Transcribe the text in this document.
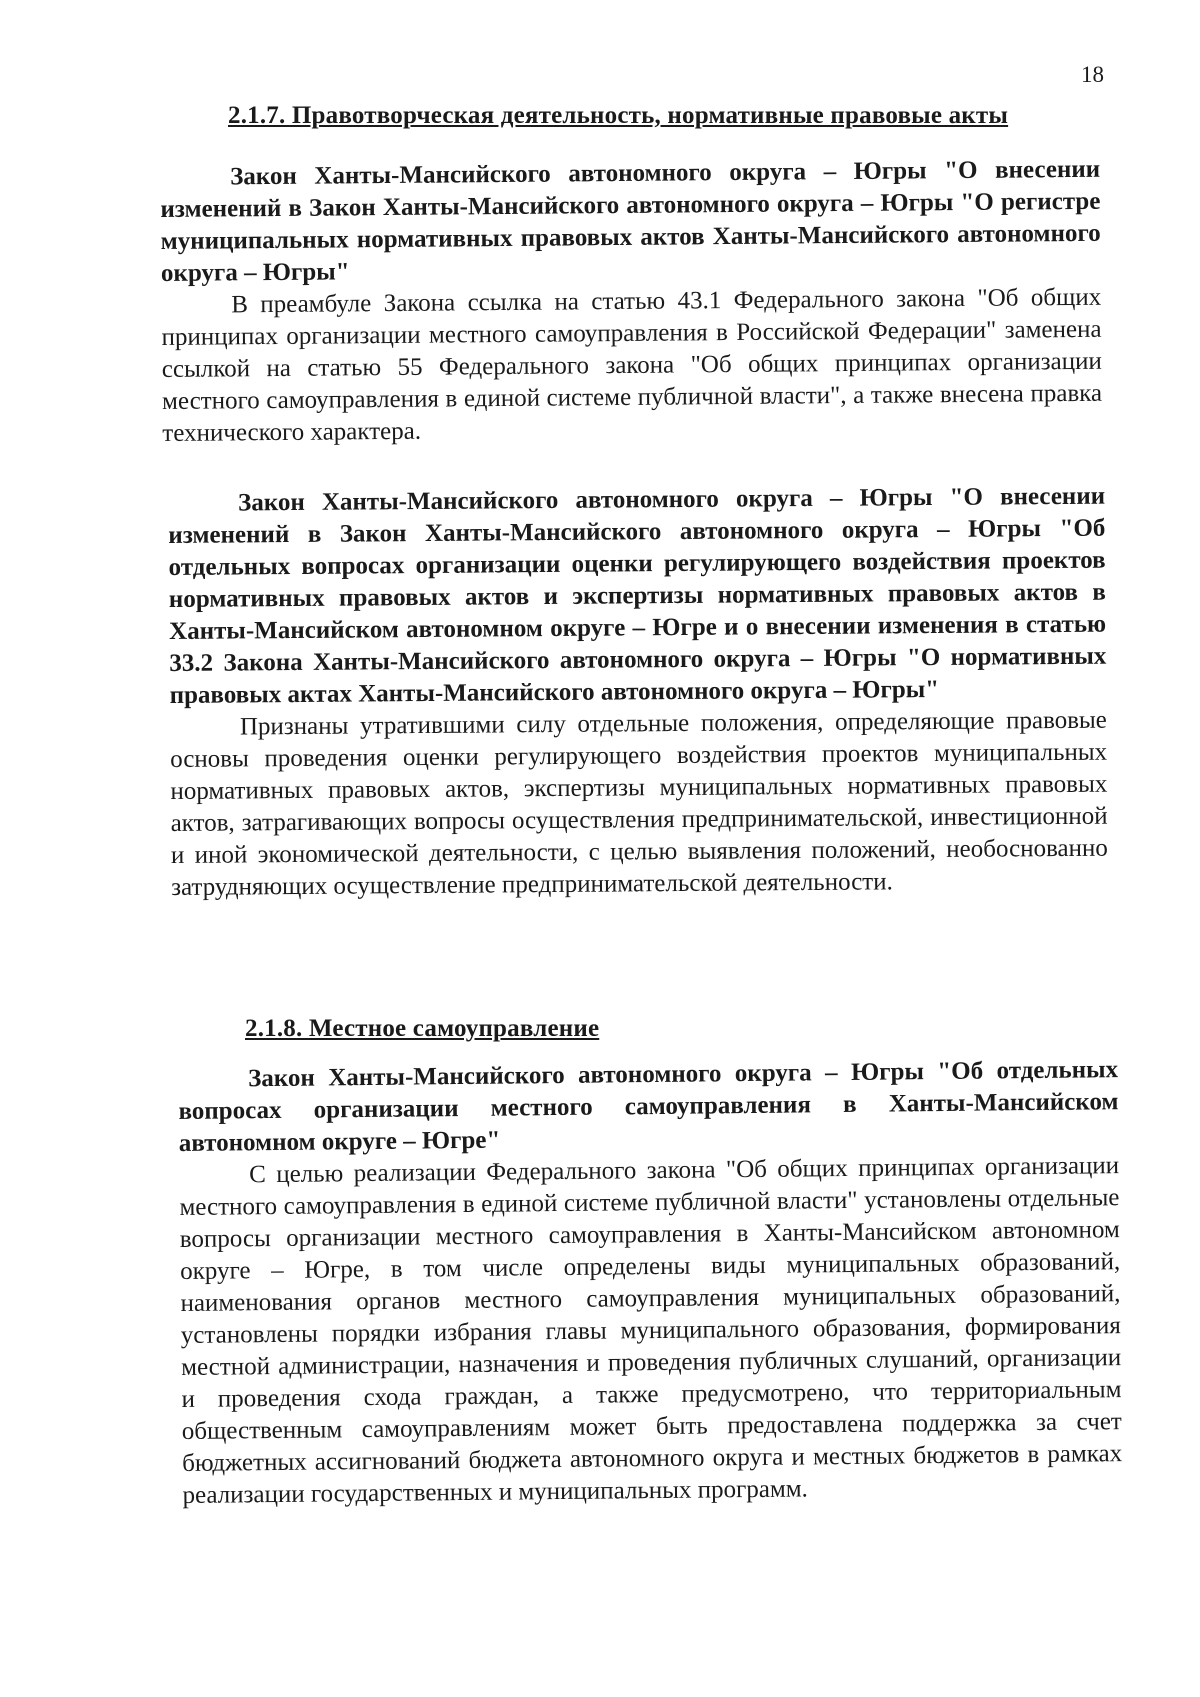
18
2.1.7. Правотворческая деятельность, нормативные правовые акты

Закон Ханты-Мансийского автономного округа – Югры "О внесении изменений в Закон Ханты-Мансийского автономного округа – Югры "О регистре муниципальных нормативных правовых актов Ханты-Мансийского автономного округа – Югры"

В преамбуле Закона ссылка на статью 43.1 Федерального закона "Об общих принципах организации местного самоуправления в Российской Федерации" заменена ссылкой на статью 55 Федерального закона "Об общих принципах организации местного самоуправления в единой системе публичной власти", а также внесена правка технического характера.

Закон Ханты-Мансийского автономного округа – Югры "О внесении изменений в Закон Ханты-Мансийского автономного округа – Югры "Об отдельных вопросах организации оценки регулирующего воздействия проектов нормативных правовых актов и экспертизы нормативных правовых актов в Ханты-Мансийском автономном округе – Югре и о внесении изменения в статью 33.2 Закона Ханты-Мансийского автономного округа – Югры "О нормативных правовых актах Ханты-Мансийского автономного округа – Югры"

Признаны утратившими силу отдельные положения, определяющие правовые основы проведения оценки регулирующего воздействия проектов муниципальных нормативных правовых актов, экспертизы муниципальных нормативных правовых актов, затрагивающих вопросы осуществления предпринимательской, инвестиционной и иной экономической деятельности, с целью выявления положений, необоснованно затрудняющих осуществление предпринимательской деятельности.

2.1.8. Местное самоуправление

Закон Ханты-Мансийского автономного округа – Югры "Об отдельных вопросах организации местного самоуправления в Ханты-Мансийском автономном округе – Югре"

С целью реализации Федерального закона "Об общих принципах организации местного самоуправления в единой системе публичной власти" установлены отдельные вопросы организации местного самоуправления в Ханты-Мансийском автономном округе – Югре, в том числе определены виды муниципальных образований, наименования органов местного самоуправления муниципальных образований, установлены порядки избрания главы муниципального образования, формирования местной администрации, назначения и проведения публичных слушаний, организации и проведения схода граждан, а также предусмотрено, что территориальным общественным самоуправлениям может быть предоставлена поддержка за счет бюджетных ассигнований бюджета автономного округа и местных бюджетов в рамках реализации государственных и муниципальных программ.
